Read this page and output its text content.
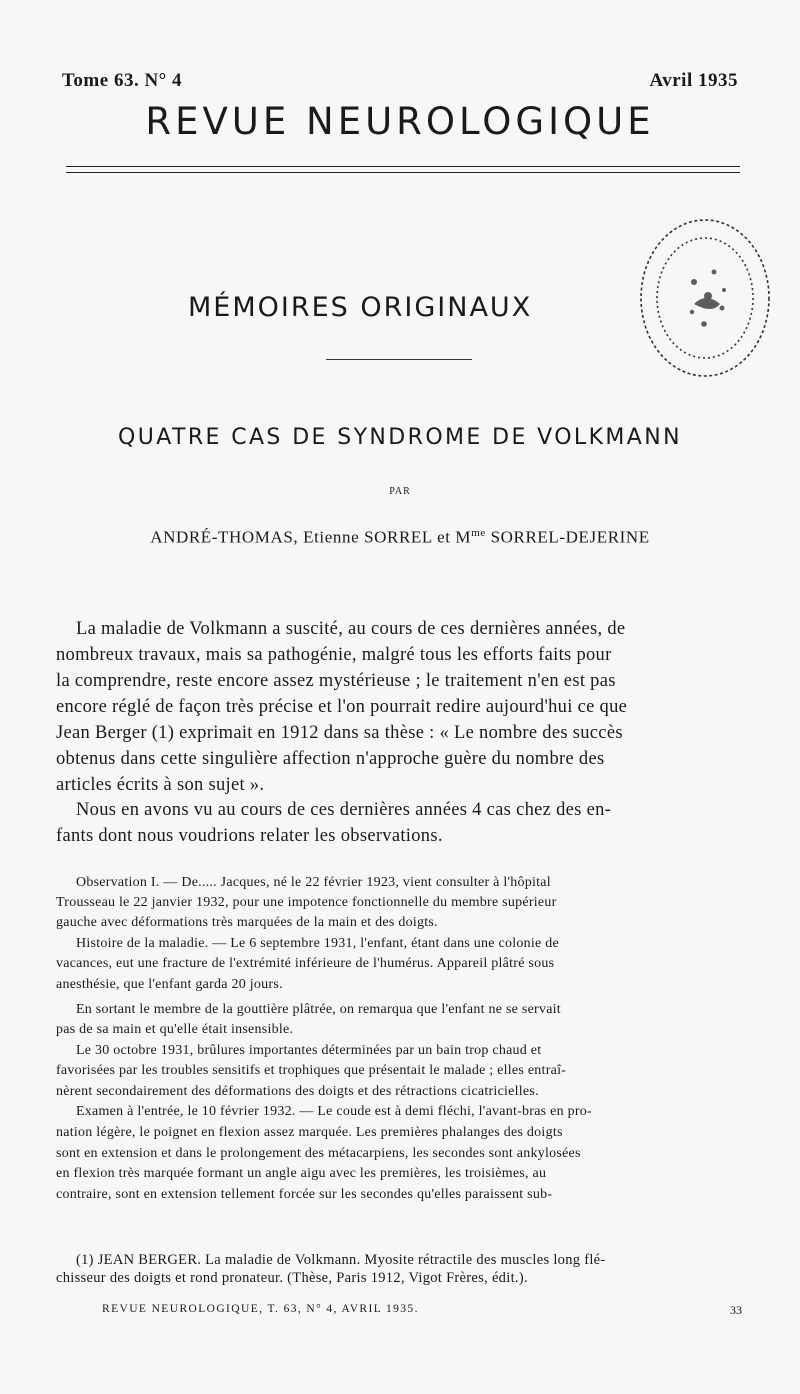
Tome 63. N° 4	Avril 1935
REVUE NEUROLOGIQUE
MÉMOIRES ORIGINAUX
QUATRE CAS DE SYNDROME DE VOLKMANN
PAR
ANDRÉ-THOMAS, Etienne SORREL et $M^{me}$ SORREL-DEJERINE
La maladie de Volkmann a suscité, au cours de ces dernières années, de
nombreux travaux, mais sa pathogénie, malgré tous les efforts faits pour
la comprendre, reste encore assez mystérieuse ; le traitement n'en est pas
encore réglé de façon très précise et l'on pourrait redire aujourd'hui ce que
Jean Berger (1) exprimait en 1912 dans sa thèse : « Le nombre des succès
obtenus dans cette singulière affection n'approche guère du nombre des
articles écrits à son sujet ».
Nous en avons vu au cours de ces dernières années 4 cas chez des en-
fants dont nous voudrions relater les observations.
Observation I. — De..... Jacques, né le 22 février 1923, vient consulter à l'hôpital
Trousseau le 22 janvier 1932, pour une impotence fonctionnelle du membre supérieur
gauche avec déformations très marquées de la main et des doigts.
Histoire de la maladie. — Le 6 septembre 1931, l'enfant, étant dans une colonie de
vacances, eut une fracture de l'extrémité inférieure de l'humérus. Appareil plâtré sous
anesthésie, que l'enfant garda 20 jours.
En sortant le membre de la gouttière plâtrée, on remarqua que l'enfant ne se servait
pas de sa main et qu'elle était insensible.
Le 30 octobre 1931, brûlures importantes déterminées par un bain trop chaud et
favorisées par les troubles sensitifs et trophiques que présentait le malade ; elles entraî-
nèrent secondairement des déformations des doigts et des rétractions cicatricielles.
Examen à l'entrée, le 10 février 1932. — Le coude est à demi fléchi, l'avant-bras en pro-
nation légère, le poignet en flexion assez marquée. Les premières phalanges des doigts
sont en extension et dans le prolongement des métacarpiens, les secondes sont ankylosées
en flexion très marquée formant un angle aigu avec les premières, les troisièmes, au
contraire, sont en extension tellement forcée sur les secondes qu'elles paraissent sub-
(1) JEAN BERGER. La maladie de Volkmann. Myosite rétractile des muscles long flé-
chisseur des doigts et rond pronateur. (Thèse, Paris 1912, Vigot Frères, édit.).
REVUE NEUROLOGIQUE, T. 63, N° 4, AVRIL 1935.	33
